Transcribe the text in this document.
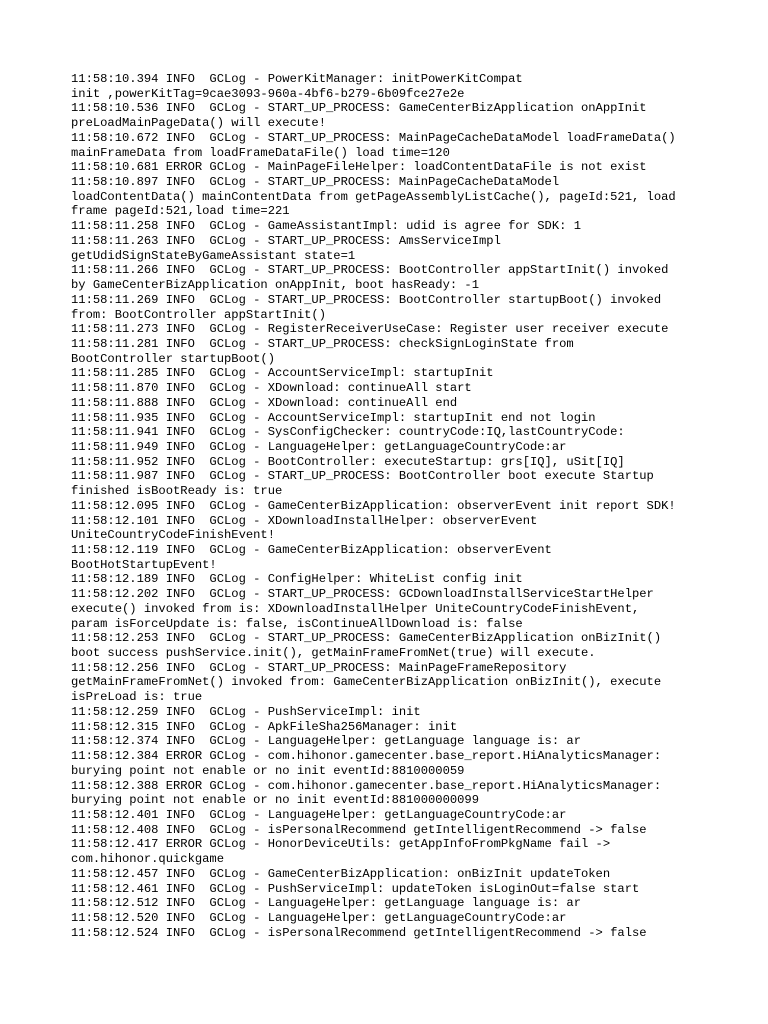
11:58:10.394 INFO  GCLog - PowerKitManager: initPowerKitCompat
init ,powerKitTag=9cae3093-960a-4bf6-b279-6b09fce27e2e
11:58:10.536 INFO  GCLog - START_UP_PROCESS: GameCenterBizApplication onAppInit
preLoadMainPageData() will execute!
11:58:10.672 INFO  GCLog - START_UP_PROCESS: MainPageCacheDataModel loadFrameData()
mainFrameData from loadFrameDataFile() load time=120
11:58:10.681 ERROR GCLog - MainPageFileHelper: loadContentDataFile is not exist
11:58:10.897 INFO  GCLog - START_UP_PROCESS: MainPageCacheDataModel
loadContentData() mainContentData from getPageAssemblyListCache(), pageId:521, load
frame pageId:521,load time=221
11:58:11.258 INFO  GCLog - GameAssistantImpl: udid is agree for SDK: 1
11:58:11.263 INFO  GCLog - START_UP_PROCESS: AmsServiceImpl
getUdidSignStateByGameAssistant state=1
11:58:11.266 INFO  GCLog - START_UP_PROCESS: BootController appStartInit() invoked
by GameCenterBizApplication onAppInit, boot hasReady: -1
11:58:11.269 INFO  GCLog - START_UP_PROCESS: BootController startupBoot() invoked
from: BootController appStartInit()
11:58:11.273 INFO  GCLog - RegisterReceiverUseCase: Register user receiver execute
11:58:11.281 INFO  GCLog - START_UP_PROCESS: checkSignLoginState from
BootController startupBoot()
11:58:11.285 INFO  GCLog - AccountServiceImpl: startupInit
11:58:11.870 INFO  GCLog - XDownload: continueAll start
11:58:11.888 INFO  GCLog - XDownload: continueAll end
11:58:11.935 INFO  GCLog - AccountServiceImpl: startupInit end not login
11:58:11.941 INFO  GCLog - SysConfigChecker: countryCode:IQ,lastCountryCode:
11:58:11.949 INFO  GCLog - LanguageHelper: getLanguageCountryCode:ar
11:58:11.952 INFO  GCLog - BootController: executeStartup: grs[IQ], uSit[IQ]
11:58:11.987 INFO  GCLog - START_UP_PROCESS: BootController boot execute Startup
finished isBootReady is: true
11:58:12.095 INFO  GCLog - GameCenterBizApplication: observerEvent init report SDK!
11:58:12.101 INFO  GCLog - XDownloadInstallHelper: observerEvent
UniteCountryCodeFinishEvent!
11:58:12.119 INFO  GCLog - GameCenterBizApplication: observerEvent
BootHotStartupEvent!
11:58:12.189 INFO  GCLog - ConfigHelper: WhiteList config init
11:58:12.202 INFO  GCLog - START_UP_PROCESS: GCDownloadInstallServiceStartHelper
execute() invoked from is: XDownloadInstallHelper UniteCountryCodeFinishEvent,
param isForceUpdate is: false, isContinueAllDownload is: false
11:58:12.253 INFO  GCLog - START_UP_PROCESS: GameCenterBizApplication onBizInit()
boot success pushService.init(), getMainFrameFromNet(true) will execute.
11:58:12.256 INFO  GCLog - START_UP_PROCESS: MainPageFrameRepository
getMainFrameFromNet() invoked from: GameCenterBizApplication onBizInit(), execute
isPreLoad is: true
11:58:12.259 INFO  GCLog - PushServiceImpl: init
11:58:12.315 INFO  GCLog - ApkFileSha256Manager: init
11:58:12.374 INFO  GCLog - LanguageHelper: getLanguage language is: ar
11:58:12.384 ERROR GCLog - com.hihonor.gamecenter.base_report.HiAnalyticsManager:
burying point not enable or no init eventId:8810000059
11:58:12.388 ERROR GCLog - com.hihonor.gamecenter.base_report.HiAnalyticsManager:
burying point not enable or no init eventId:881000000099
11:58:12.401 INFO  GCLog - LanguageHelper: getLanguageCountryCode:ar
11:58:12.408 INFO  GCLog - isPersonalRecommend getIntelligentRecommend -> false
11:58:12.417 ERROR GCLog - HonorDeviceUtils: getAppInfoFromPkgName fail ->
com.hihonor.quickgame
11:58:12.457 INFO  GCLog - GameCenterBizApplication: onBizInit updateToken
11:58:12.461 INFO  GCLog - PushServiceImpl: updateToken isLoginOut=false start
11:58:12.512 INFO  GCLog - LanguageHelper: getLanguage language is: ar
11:58:12.520 INFO  GCLog - LanguageHelper: getLanguageCountryCode:ar
11:58:12.524 INFO  GCLog - isPersonalRecommend getIntelligentRecommend -> false
